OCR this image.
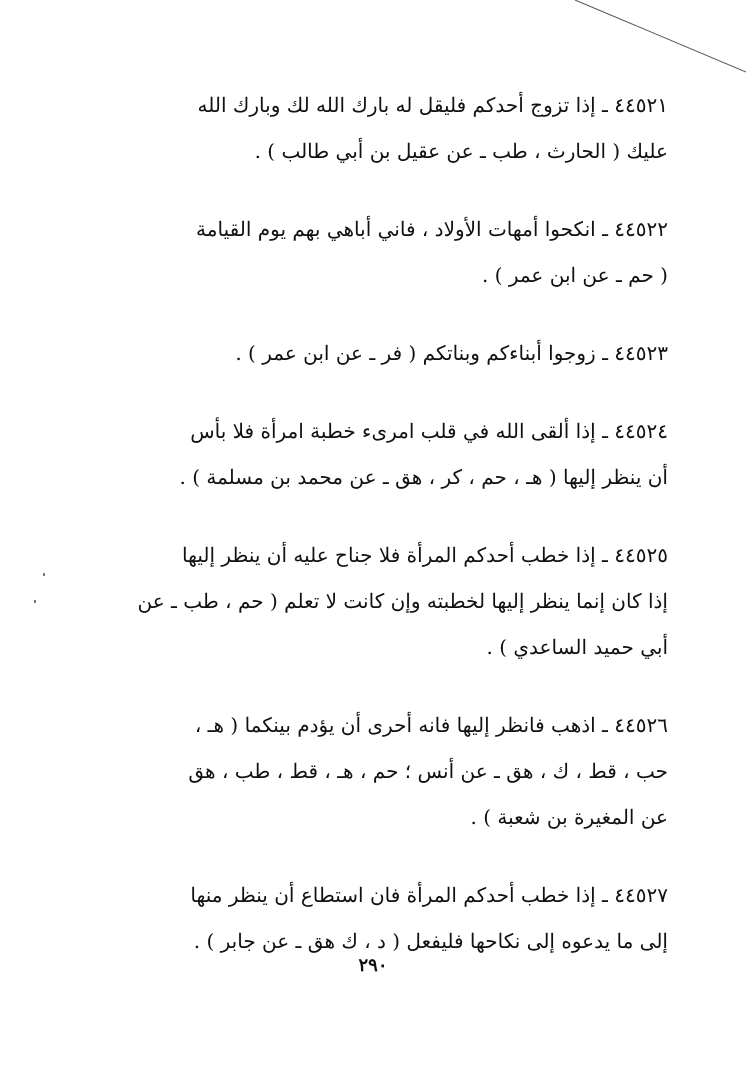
٤٤٥٢١ ـ إذا تزوج أحدكم فليقل له بارك الله لك وبارك الله
عليك ( الحارث ، طب ـ عن عقيل بن أبي طالب ) .
٤٤٥٢٢ ـ انكحوا أمهات الأولاد ، فاني أباهي بهم يوم القيامة
( حم ـ عن ابن عمر ) .
٤٤٥٢٣ ـ زوجوا أبناءكم وبناتكم ( فر ـ عن ابن عمر ) .
٤٤٥٢٤ ـ إذا ألقى الله في قلب امرىء خطبة امرأة فلا بأس
أن ينظر إليها ( هـ ، حم ، كر ، هق ـ عن محمد بن مسلمة ) .
٤٤٥٢٥ ـ إذا خطب أحدكم المرأة فلا جناح عليه أن ينظر إليها
إذا كان إنما ينظر إليها لخطبته وإن كانت لا تعلم ( حم ، طب ـ عن
أبي حميد الساعدي ) .
٤٤٥٢٦ ـ اذهب فانظر إليها فانه أحرى أن يؤدم بينكما ( هـ ،
حب ، قط ، ك ، هق ـ عن أنس ؛ حم ، هـ ، قط ، طب ، هق
عن المغيرة بن شعبة ) .
٤٤٥٢٧ ـ إذا خطب أحدكم المرأة فان استطاع أن ينظر منها
إلى ما يدعوه إلى نكاحها فليفعل ( د ، ك هق ـ عن جابر ) .
٢٩٠
